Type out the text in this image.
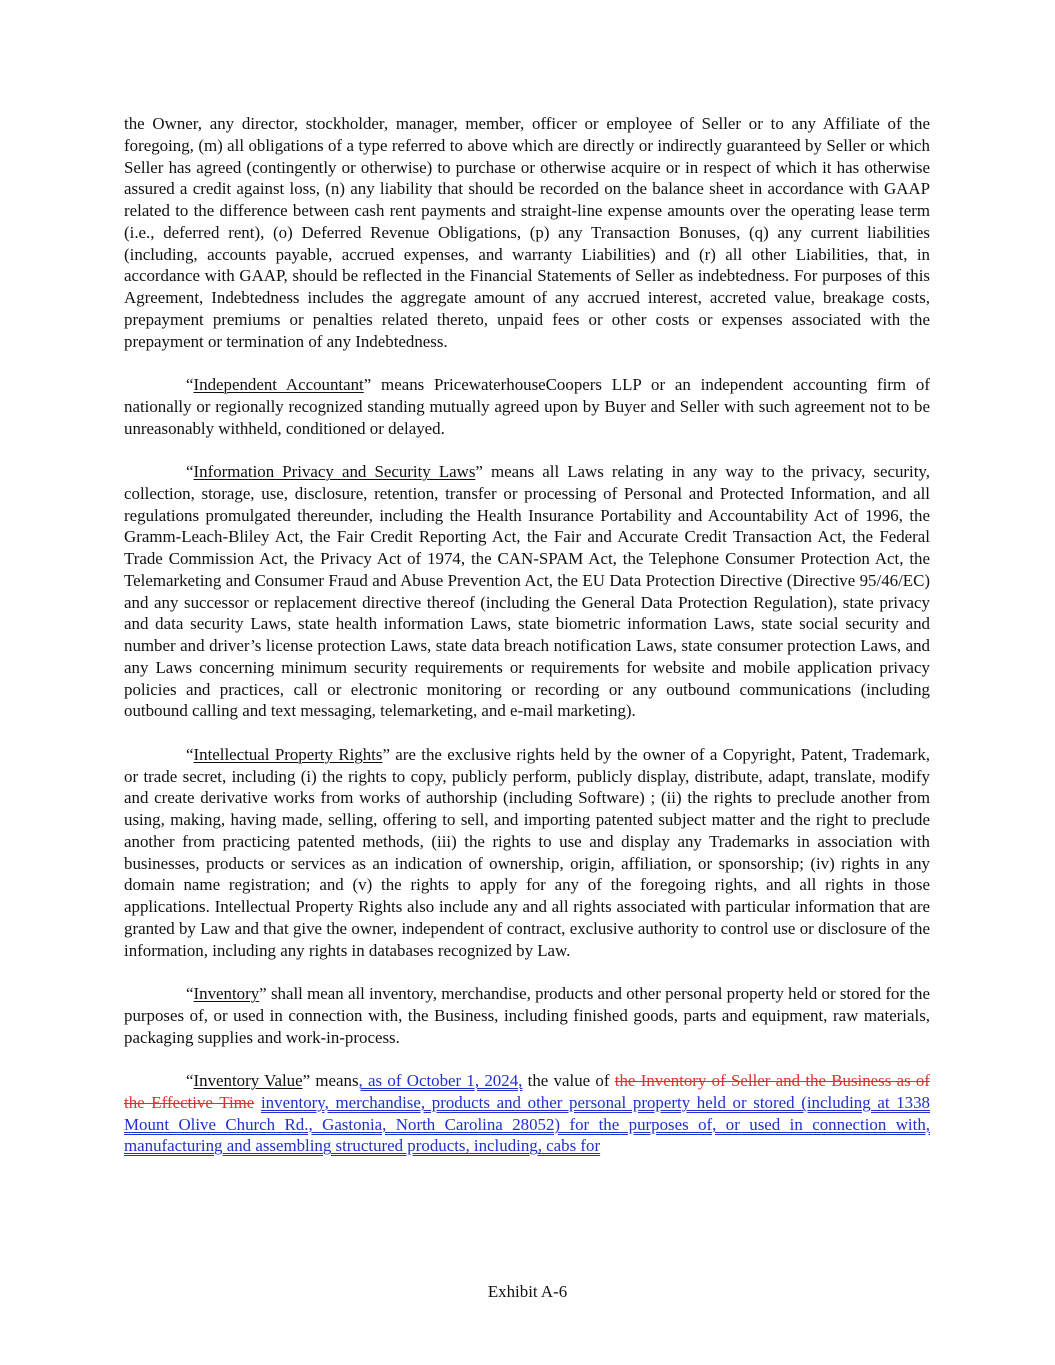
the Owner, any director, stockholder, manager, member, officer or employee of Seller or to any Affiliate of the foregoing, (m) all obligations of a type referred to above which are directly or indirectly guaranteed by Seller or which Seller has agreed (contingently or otherwise) to purchase or otherwise acquire or in respect of which it has otherwise assured a credit against loss, (n) any liability that should be recorded on the balance sheet in accordance with GAAP related to the difference between cash rent payments and straight-line expense amounts over the operating lease term (i.e., deferred rent), (o) Deferred Revenue Obligations, (p) any Transaction Bonuses, (q) any current liabilities (including, accounts payable, accrued expenses, and warranty Liabilities) and (r) all other Liabilities, that, in accordance with GAAP, should be reflected in the Financial Statements of Seller as indebtedness. For purposes of this Agreement, Indebtedness includes the aggregate amount of any accrued interest, accreted value, breakage costs, prepayment premiums or penalties related thereto, unpaid fees or other costs or expenses associated with the prepayment or termination of any Indebtedness.

“Independent Accountant” means PricewaterhouseCoopers LLP or an independent accounting firm of nationally or regionally recognized standing mutually agreed upon by Buyer and Seller with such agreement not to be unreasonably withheld, conditioned or delayed.

“Information Privacy and Security Laws” means all Laws relating in any way to the privacy, security, collection, storage, use, disclosure, retention, transfer or processing of Personal and Protected Information, and all regulations promulgated thereunder, including the Health Insurance Portability and Accountability Act of 1996, the Gramm-Leach-Bliley Act, the Fair Credit Reporting Act, the Fair and Accurate Credit Transaction Act, the Federal Trade Commission Act, the Privacy Act of 1974, the CAN-SPAM Act, the Telephone Consumer Protection Act, the Telemarketing and Consumer Fraud and Abuse Prevention Act, the EU Data Protection Directive (Directive 95/46/EC) and any successor or replacement directive thereof (including the General Data Protection Regulation), state privacy and data security Laws, state health information Laws, state biometric information Laws, state social security and number and driver’s license protection Laws, state data breach notification Laws, state consumer protection Laws, and any Laws concerning minimum security requirements or requirements for website and mobile application privacy policies and practices, call or electronic monitoring or recording or any outbound communications (including outbound calling and text messaging, telemarketing, and e-mail marketing).

“Intellectual Property Rights” are the exclusive rights held by the owner of a Copyright, Patent, Trademark, or trade secret, including (i) the rights to copy, publicly perform, publicly display, distribute, adapt, translate, modify and create derivative works from works of authorship (including Software) ; (ii) the rights to preclude another from using, making, having made, selling, offering to sell, and importing patented subject matter and the right to preclude another from practicing patented methods, (iii) the rights to use and display any Trademarks in association with businesses, products or services as an indication of ownership, origin, affiliation, or sponsorship; (iv) rights in any domain name registration; and (v) the rights to apply for any of the foregoing rights, and all rights in those applications. Intellectual Property Rights also include any and all rights associated with particular information that are granted by Law and that give the owner, independent of contract, exclusive authority to control use or disclosure of the information, including any rights in databases recognized by Law.

“Inventory” shall mean all inventory, merchandise, products and other personal property held or stored for the purposes of, or used in connection with, the Business, including finished goods, parts and equipment, raw materials, packaging supplies and work-in-process.

“Inventory Value” means, as of October 1, 2024, the value of the Inventory of Seller and the Business as of the Effective Time inventory, merchandise, products and other personal property held or stored (including at 1338 Mount Olive Church Rd., Gastonia, North Carolina 28052) for the purposes of, or used in connection with, manufacturing and assembling structured products, including, cabs for

Exhibit A-6
